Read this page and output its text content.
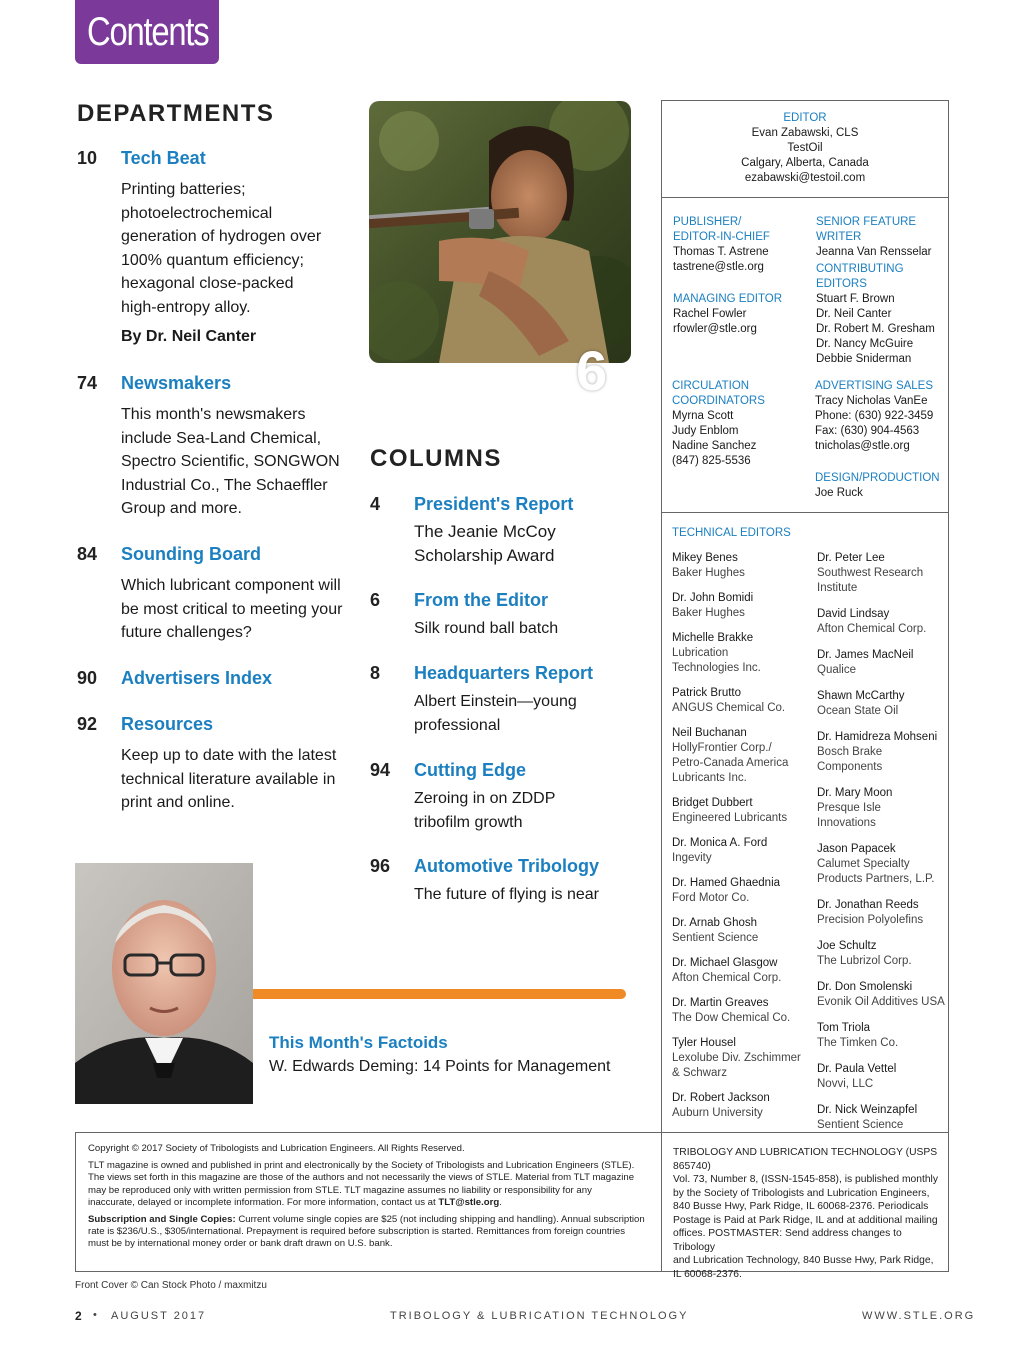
Contents
DEPARTMENTS
10 Tech Beat
Printing batteries;
photoelectrochemical
generation of hydrogen over
100% quantum efficiency;
hexagonal close-packed
high-entropy alloy.
By Dr. Neil Canter
74 Newsmakers
This month's newsmakers
include Sea-Land Chemical,
Spectro Scientific, SONGWON
Industrial Co., The Schaeffler
Group and more.
84 Sounding Board
Which lubricant component will
be most critical to meeting your
future challenges?
90 Advertisers Index
92 Resources
Keep up to date with the latest
technical literature available in
print and online.
6
COLUMNS
4 President's Report
The Jeanie McCoy
Scholarship Award
6 From the Editor
Silk round ball batch
8 Headquarters Report
Albert Einstein—young
professional
94 Cutting Edge
Zeroing in on ZDDP
tribofilm growth
96 Automotive Tribology
The future of flying is near
This Month's Factoids
W. Edwards Deming: 14 Points for Management
EDITOR
Evan Zabawski, CLS
TestOil
Calgary, Alberta, Canada
ezabawski@testoil.com
PUBLISHER/
EDITOR-IN-CHIEF
Thomas T. Astrene
tastrene@stle.org
MANAGING EDITOR
Rachel Fowler
rfowler@stle.org
SENIOR FEATURE WRITER
Jeanna Van Rensselar
CONTRIBUTING EDITORS
Stuart F. Brown
Dr. Neil Canter
Dr. Robert M. Gresham
Dr. Nancy McGuire
Debbie Sniderman
CIRCULATION
COORDINATORS
Myrna Scott
Judy Enblom
Nadine Sanchez
(847) 825-5536
ADVERTISING SALES
Tracy Nicholas VanEe
Phone: (630) 922-3459
Fax: (630) 904-4563
tnicholas@stle.org
DESIGN/PRODUCTION
Joe Ruck
TECHNICAL EDITORS
Mikey Benes
Baker Hughes
Dr. John Bomidi
Baker Hughes
Michelle Brakke
Lubrication
Technologies Inc.
Patrick Brutto
ANGUS Chemical Co.
Neil Buchanan
HollyFrontier Corp./
Petro-Canada America
Lubricants Inc.
Bridget Dubbert
Engineered Lubricants
Dr. Monica A. Ford
Ingevity
Dr. Hamed Ghaednia
Ford Motor Co.
Dr. Arnab Ghosh
Sentient Science
Dr. Michael Glasgow
Afton Chemical Corp.
Dr. Martin Greaves
The Dow Chemical Co.
Tyler Housel
Lexolube Div. Zschimmer
& Schwarz
Dr. Robert Jackson
Auburn University
Dr. Peter Lee
Southwest Research
Institute
David Lindsay
Afton Chemical Corp.
Dr. James MacNeil
Qualice
Shawn McCarthy
Ocean State Oil
Dr. Hamidreza Mohseni
Bosch Brake Components
Dr. Mary Moon
Presque Isle
Innovations
Jason Papacek
Calumet Specialty
Products Partners, L.P.
Dr. Jonathan Reeds
Precision Polyolefins
Joe Schultz
The Lubrizol Corp.
Dr. Don Smolenski
Evonik Oil Additives USA
Tom Triola
The Timken Co.
Dr. Paula Vettel
Novvi, LLC
Dr. Nick Weinzapfel
Sentient Science
TRIBOLOGY AND LUBRICATION TECHNOLOGY (USPS 865740)
Vol. 73, Number 8, (ISSN-1545-858), is published monthly
by the Society of Tribologists and Lubrication Engineers,
840 Busse Hwy, Park Ridge, IL 60068-2376. Periodicals
Postage is Paid at Park Ridge, IL and at additional mailing
offices. POSTMASTER: Send address changes to Tribology
and Lubrication Technology, 840 Busse Hwy, Park Ridge,
IL 60068-2376.
Copyright © 2017 Society of Tribologists and Lubrication Engineers. All Rights Reserved.
TLT magazine is owned and published in print and electronically by the Society of Tribologists and Lubrication Engineers (STLE).
The views set forth in this magazine are those of the authors and not necessarily the views of STLE. Material from TLT magazine
may be reproduced only with written permission from STLE. TLT magazine assumes no liability or responsibility for any
inaccurate, delayed or incomplete information. For more information, contact us at TLT@stle.org.
Subscription and Single Copies: Current volume single copies are $25 (not including shipping and handling). Annual subscription
rate is $236/U.S., $305/international. Prepayment is required before subscription is started. Remittances from foreign countries
must be by international money order or bank draft drawn on U.S. bank.
Front Cover © Can Stock Photo / maxmitzu
2 • AUGUST 2017	TRIBOLOGY & LUBRICATION TECHNOLOGY	WWW.STLE.ORG
